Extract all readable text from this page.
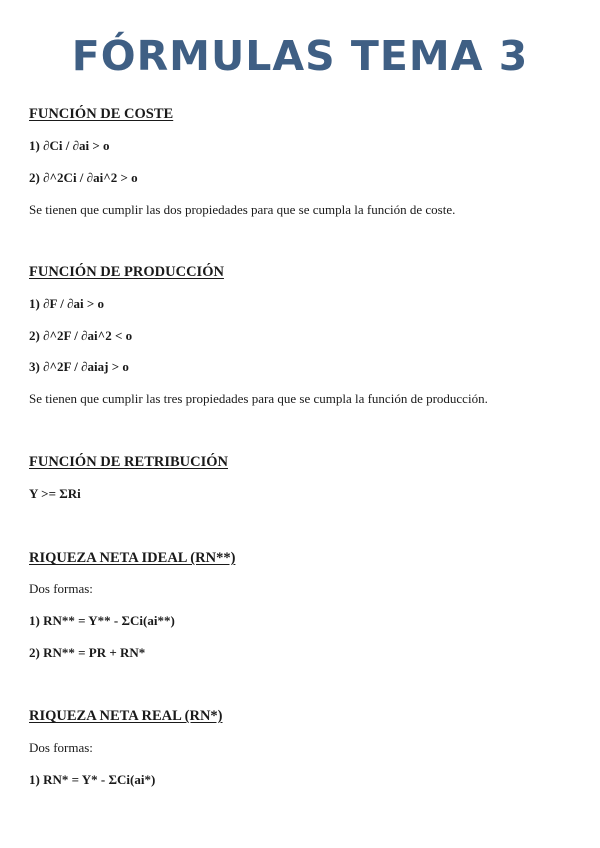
FÓRMULAS TEMA 3
FUNCIÓN DE COSTE

1) ∂Ci / ∂ai > o

2) ∂^2Ci / ∂ai^2 > o

Se tienen que cumplir las dos propiedades para que se cumpla la función de coste.

FUNCIÓN DE PRODUCCIÓN

1) ∂F / ∂ai > o

2) ∂^2F / ∂ai^2 < o

3) ∂^2F / ∂aiaj > o

Se tienen que cumplir las tres propiedades para que se cumpla la función de producción.

FUNCIÓN DE RETRIBUCIÓN

Y >= ΣRi

RIQUEZA NETA IDEAL (RN**)

Dos formas:

1) RN** = Y** - ΣCi(ai**)

2) RN** = PR + RN*

RIQUEZA NETA REAL (RN*)

Dos formas:

1) RN* = Y* - ΣCi(ai*)
